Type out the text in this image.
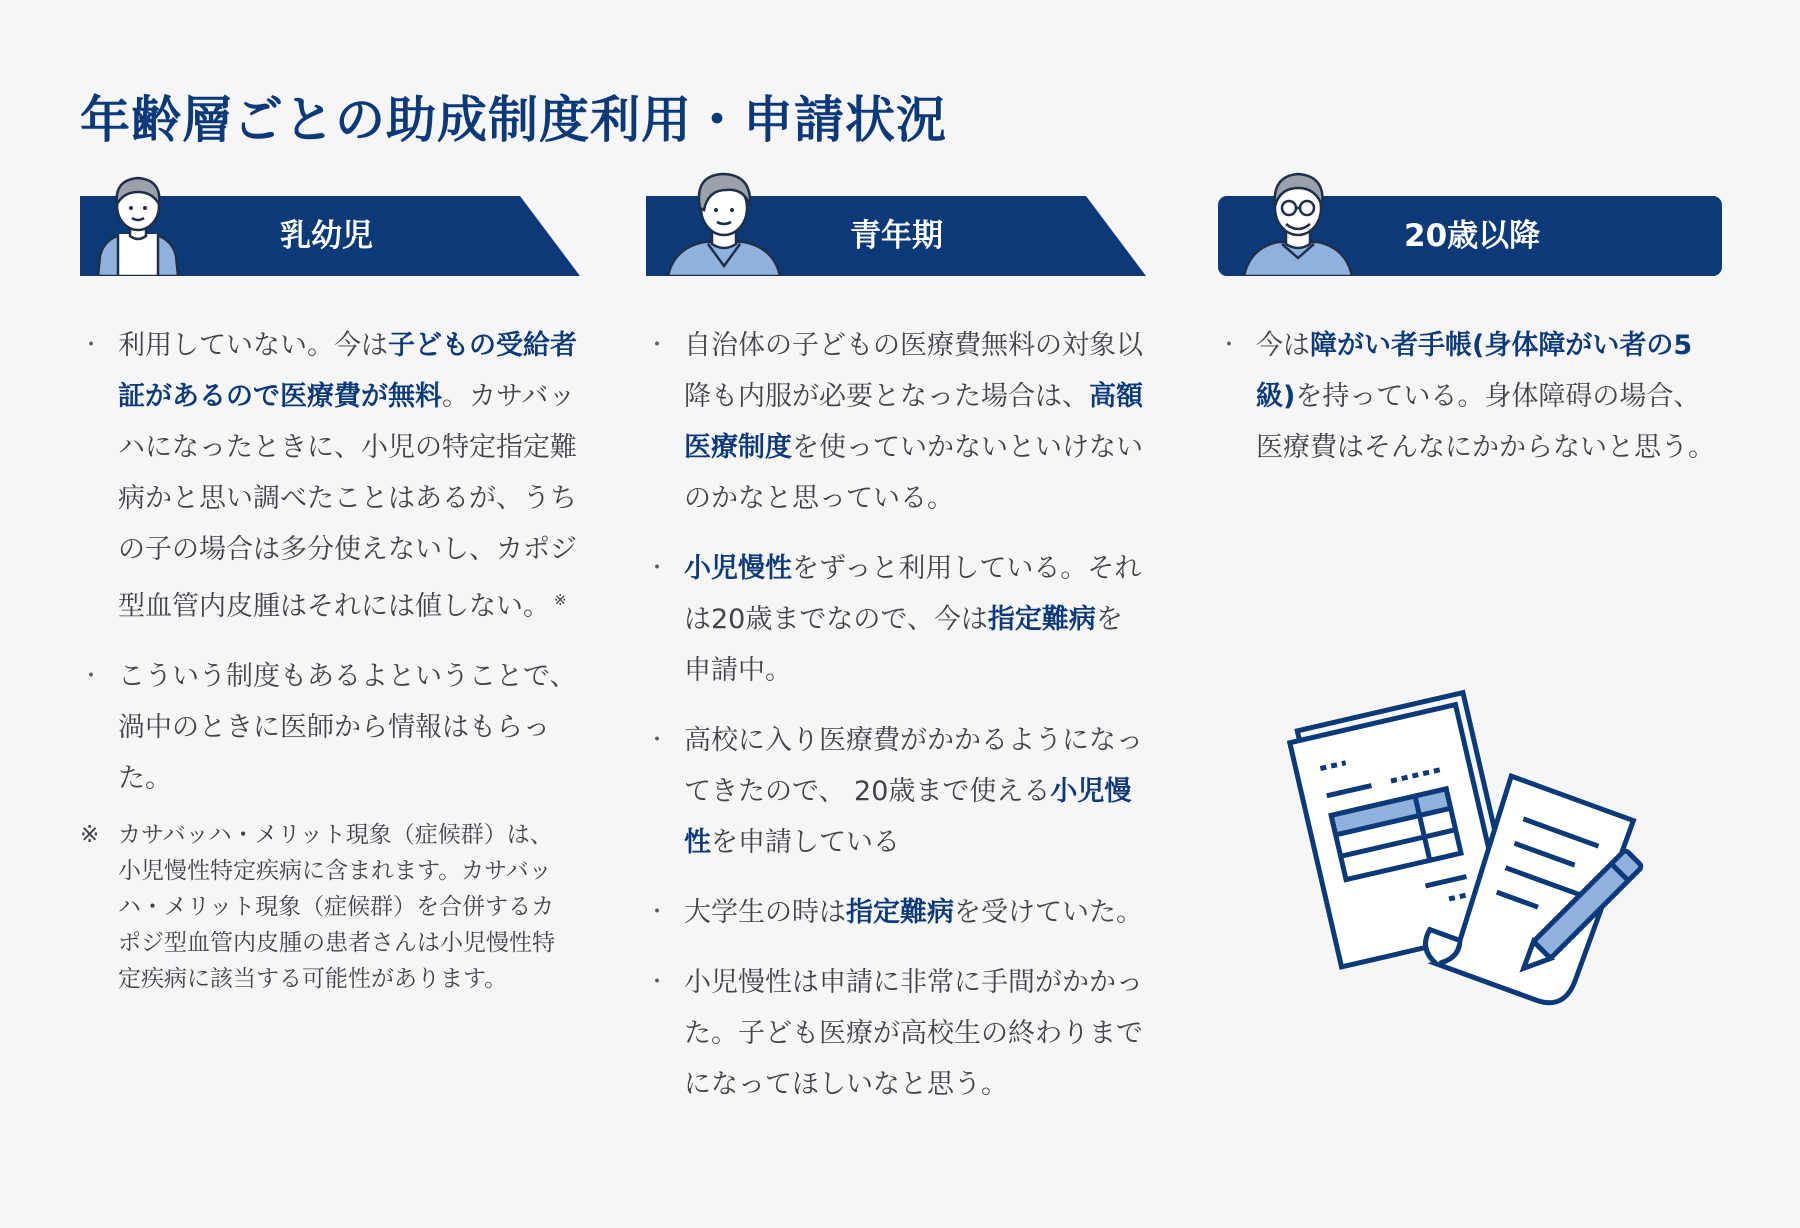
年齢層ごとの助成制度利用・申請状況
乳幼児
・ 利用していない。今は子どもの受給者証があるので医療費が無料。カサバッハになったときに、小児の特定指定難病かと思い調べたことはあるが、うちの子の場合は多分使えないし、カポジ型血管内皮腫はそれには値しない。 ※
・ こういう制度もあるよということで、渦中のときに医師から情報はもらった。
※ カサバッハ・メリット現象（症候群）は、小児慢性特定疾病に含まれます。カサバッハ・メリット現象（症候群）を合併するカポジ型血管内皮腫の患者さんは小児慢性特定疾病に該当する可能性があります。
青年期
・ 自治体の子どもの医療費無料の対象以降も内服が必要となった場合は、高額医療制度を使っていかないといけないのかなと思っている。
・ 小児慢性をずっと利用している。それは20歳までなので、今は指定難病を申請中。
・ 高校に入り医療費がかかるようになってきたので、 20歳まで使える小児慢性を申請している
・ 大学生の時は指定難病を受けていた。
・ 小児慢性は申請に非常に手間がかかった。子ども医療が高校生の終わりまでになってほしいなと思う。
20歳以降
・ 今は障がい者手帳(身体障がい者の5級)を持っている。身体障碍の場合、医療費はそんなにかからないと思う。
